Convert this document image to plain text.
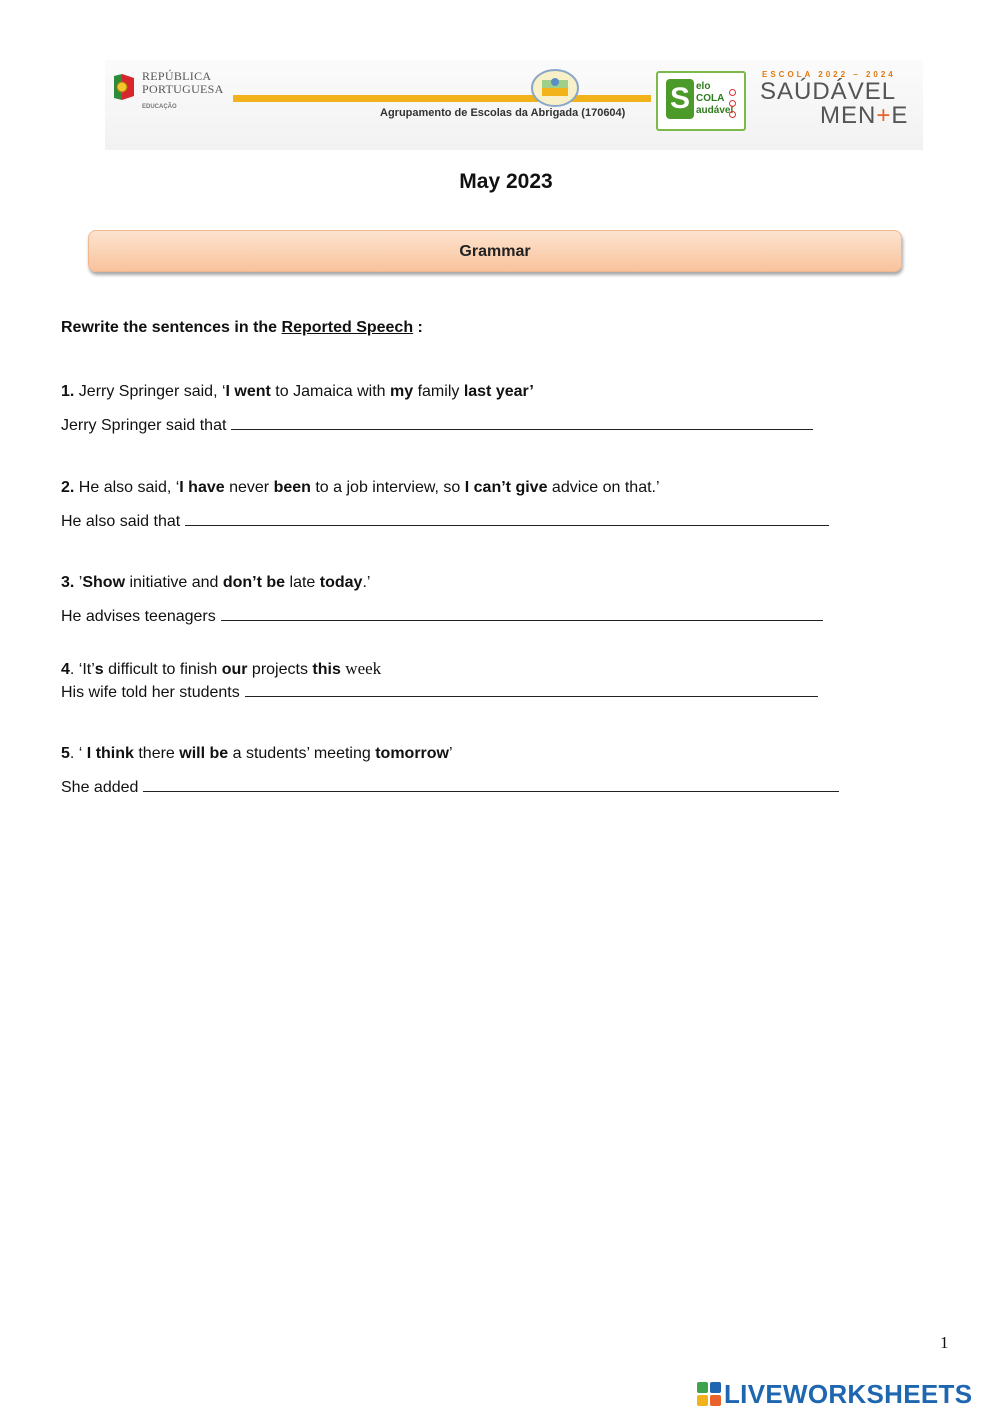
REPÚBLICA
PORTUGUESA
EDUCAÇÃO	Agrupamento de Escolas da Abrigada (170604) S elo
COLA
audável
ESCOLA 2022 – 2024
SAÚDÁVEL
MEN+E
May 2023
Grammar
Rewrite the sentences in the Reported Speech :
1. Jerry Springer said, ‘I went to Jamaica with my family last year’
Jerry Springer said that
2. He also said, ‘I have never been to a job interview, so I can’t give advice on that.’
He also said that
3. ’Show initiative and don’t be late today.’
He advises teenagers
4. ‘It’s difficult to finish our projects this week
His wife told her students
5. ‘ I think there will be a students’ meeting tomorrow’
She added
1
LIVEWORKSHEETS
